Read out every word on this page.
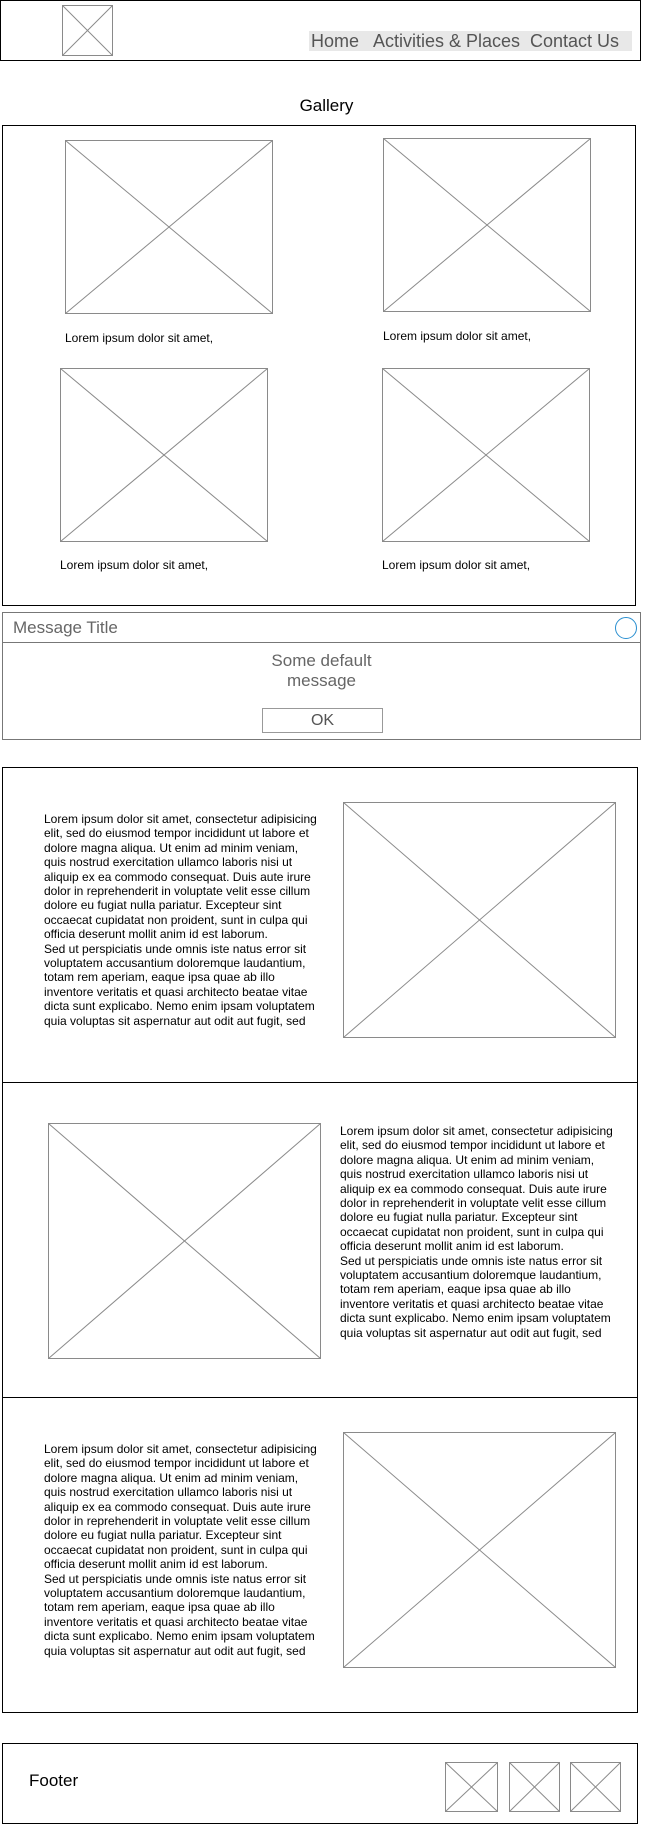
Home Activities & Places Contact Us
Gallery
Lorem ipsum dolor sit amet,	Lorem ipsum dolor sit amet,
Lorem ipsum dolor sit amet,	Lorem ipsum dolor sit amet,
Message Title
Some default
message
OK

Lorem ipsum dolor sit amet, consectetur adipisicing elit, sed do eiusmod tempor incididunt ut labore et dolore magna aliqua. Ut enim ad minim veniam, quis nostrud exercitation ullamco laboris nisi ut aliquip ex ea commodo consequat. Duis aute irure dolor in reprehenderit in voluptate velit esse cillum dolore eu fugiat nulla pariatur. Excepteur sint occaecat cupidatat non proident, sunt in culpa qui officia deserunt mollit anim id est laborum.

Sed ut perspiciatis unde omnis iste natus error sit voluptatem accusantium doloremque laudantium, totam rem aperiam, eaque ipsa quae ab illo inventore veritatis et quasi architecto beatae vitae dicta sunt explicabo. Nemo enim ipsam voluptatem quia voluptas sit aspernatur aut odit aut fugit, sed

Lorem ipsum dolor sit amet, consectetur adipisicing elit, sed do eiusmod tempor incididunt ut labore et dolore magna aliqua. Ut enim ad minim veniam, quis nostrud exercitation ullamco laboris nisi ut aliquip ex ea commodo consequat. Duis aute irure dolor in reprehenderit in voluptate velit esse cillum dolore eu fugiat nulla pariatur. Excepteur sint occaecat cupidatat non proident, sunt in culpa qui officia deserunt mollit anim id est laborum.

Sed ut perspiciatis unde omnis iste natus error sit voluptatem accusantium doloremque laudantium, totam rem aperiam, eaque ipsa quae ab illo inventore veritatis et quasi architecto beatae vitae dicta sunt explicabo. Nemo enim ipsam voluptatem quia voluptas sit aspernatur aut odit aut fugit, sed

Lorem ipsum dolor sit amet, consectetur adipisicing elit, sed do eiusmod tempor incididunt ut labore et dolore magna aliqua. Ut enim ad minim veniam, quis nostrud exercitation ullamco laboris nisi ut aliquip ex ea commodo consequat. Duis aute irure dolor in reprehenderit in voluptate velit esse cillum dolore eu fugiat nulla pariatur. Excepteur sint occaecat cupidatat non proident, sunt in culpa qui officia deserunt mollit anim id est laborum.

Sed ut perspiciatis unde omnis iste natus error sit voluptatem accusantium doloremque laudantium, totam rem aperiam, eaque ipsa quae ab illo inventore veritatis et quasi architecto beatae vitae dicta sunt explicabo. Nemo enim ipsam voluptatem quia voluptas sit aspernatur aut odit aut fugit, sed

Footer
